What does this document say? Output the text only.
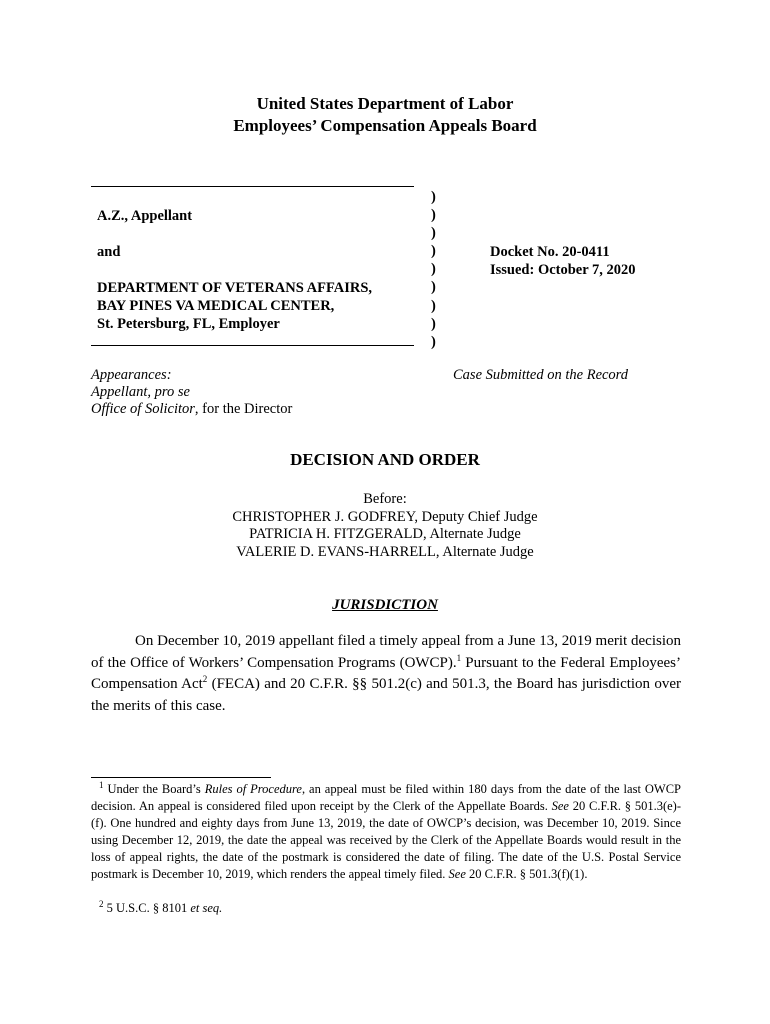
United States Department of Labor
Employees’ Compensation Appeals Board
A.Z., Appellant
and
DEPARTMENT OF VETERANS AFFAIRS,
BAY PINES VA MEDICAL CENTER,
St. Petersburg, FL, Employer
)
)
)
)
)
)
)
)
)
Docket No. 20-0411
Issued: October 7, 2020
Appearances:
Appellant, pro se
Office of Solicitor, for the Director
Case Submitted on the Record
DECISION AND ORDER
Before:
CHRISTOPHER J. GODFREY, Deputy Chief Judge
PATRICIA H. FITZGERALD, Alternate Judge
VALERIE D. EVANS-HARRELL, Alternate Judge
JURISDICTION
On December 10, 2019 appellant filed a timely appeal from a June 13, 2019 merit decision of the Office of Workers’ Compensation Programs (OWCP).$^1$ Pursuant to the Federal Employees’ Compensation Act$^2$ (FECA) and 20 C.F.R. §§ 501.2(c) and 501.3, the Board has jurisdiction over the merits of this case.
$^1$ Under the Board’s Rules of Procedure, an appeal must be filed within 180 days from the date of the last OWCP decision. An appeal is considered filed upon receipt by the Clerk of the Appellate Boards. See 20 C.F.R. § 501.3(e)-(f). One hundred and eighty days from June 13, 2019, the date of OWCP’s decision, was December 10, 2019. Since using December 12, 2019, the date the appeal was received by the Clerk of the Appellate Boards would result in the loss of appeal rights, the date of the postmark is considered the date of filing. The date of the U.S. Postal Service postmark is December 10, 2019, which renders the appeal timely filed. See 20 C.F.R. § 501.3(f)(1).
$^2$ 5 U.S.C. § 8101 et seq.
